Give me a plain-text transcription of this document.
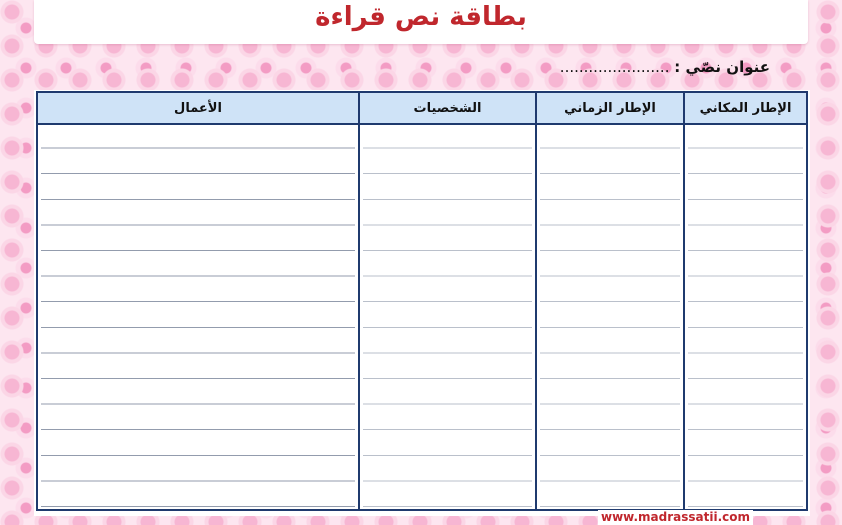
بطاقة نص قراءة
عنوان نصّي : .......................
الأعمال	الشخصيات	الإطار الزماني	الإطار المكاني
www.madrassatii.com
